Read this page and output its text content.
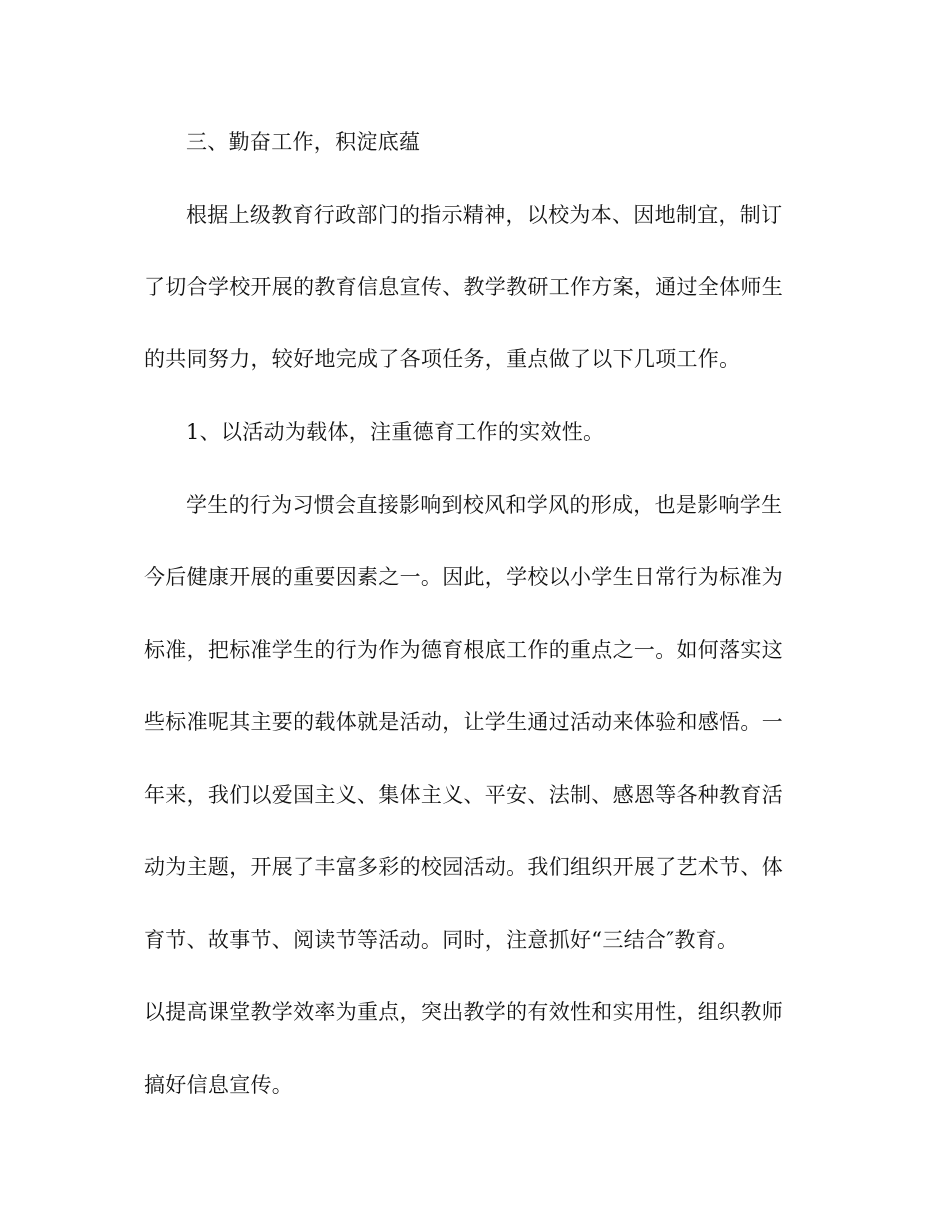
三、勤奋工作，积淀底蕴
根据上级教育行政部门的指示精神，以校为本、因地制宜，制订
了切合学校开展的教育信息宣传、教学教研工作方案，通过全体师生
的共同努力，较好地完成了各项任务，重点做了以下几项工作。
1、以活动为载体，注重德育工作的实效性。
学生的行为习惯会直接影响到校风和学风的形成，也是影响学生
今后健康开展的重要因素之一。因此，学校以小学生日常行为标准为
标准，把标准学生的行为作为德育根底工作的重点之一。如何落实这
些标准呢其主要的载体就是活动，让学生通过活动来体验和感悟。一
年来，我们以爱国主义、集体主义、平安、法制、感恩等各种教育活
动为主题，开展了丰富多彩的校园活动。我们组织开展了艺术节、体
育节、故事节、阅读节等活动。同时，注意抓好“三结合″教育。
以提高课堂教学效率为重点，突出教学的有效性和实用性，组织教师
搞好信息宣传。
